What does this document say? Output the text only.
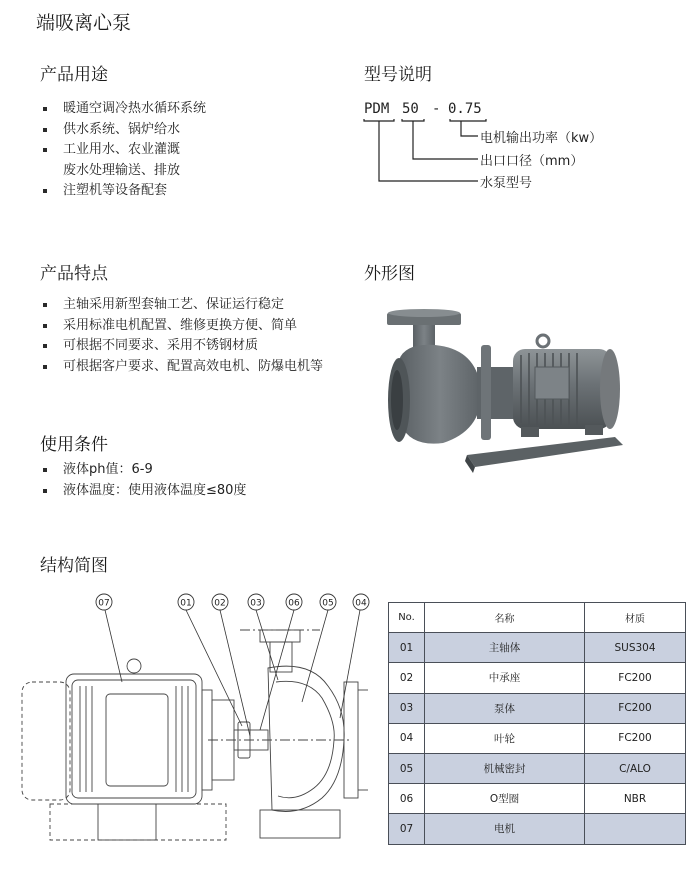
端吸离心泵
产品用途
暖通空调冷热水循环系统
供水系统、锅炉给水
工业用水、农业灌溉
废水处理输送、排放
注塑机等设备配套
型号说明
PDM 50 - 0.75
电机输出功率（kw）
出口口径（mm）
水泵型号
产品特点
主轴采用新型套轴工艺、保证运行稳定
采用标准电机配置、维修更换方便、简单
可根据不同要求、采用不锈钢材质
可根据客户要求、配置高效电机、防爆电机等
外形图
使用条件
液体ph值：6-9
液体温度：使用液体温度≤80度
结构简图
07	01	02	03	06	05 04
No.	名称	材质
01	主轴体	SUS304
02	中承座	FC200
03	泵体	FC200
04	叶轮	FC200
05	机械密封	C/ALO
06	O型圈	NBR
07	电机	
